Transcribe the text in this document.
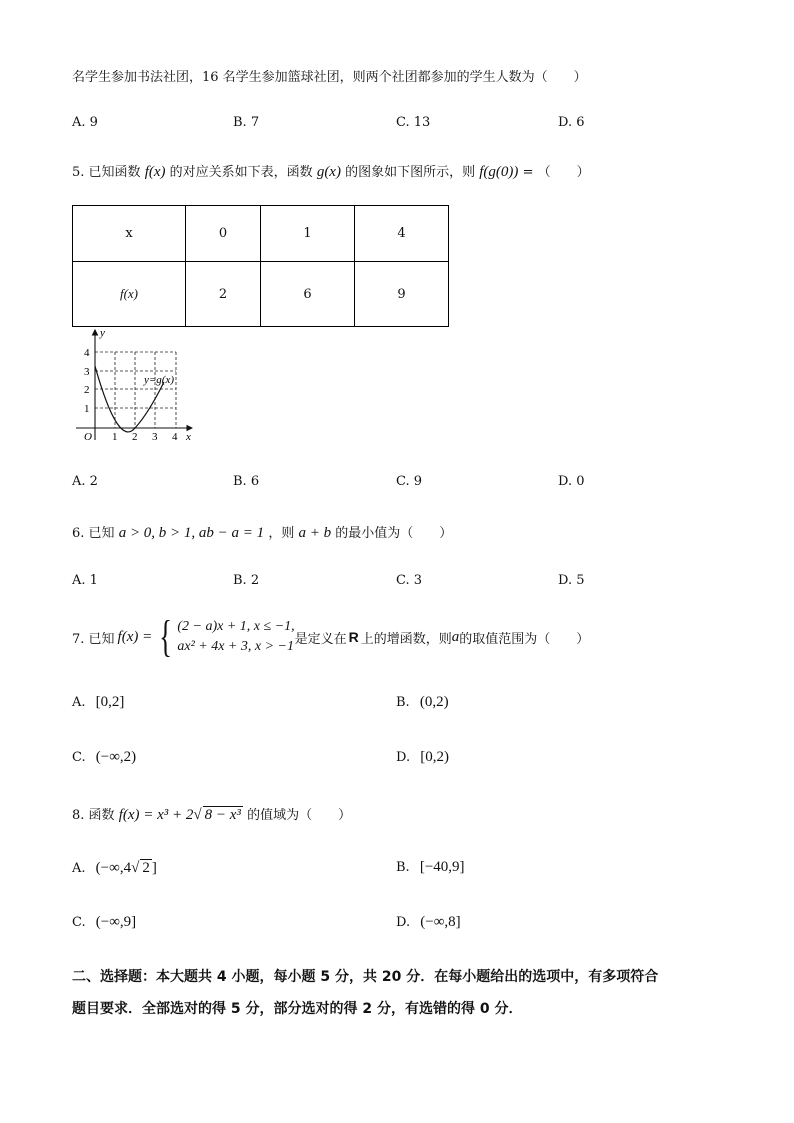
名学生参加书法社团，16 名学生参加篮球社团，则两个社团都参加的学生人数为（　　）
A. 9	B. 7	C. 13	D. 6
5. 已知函数 f(x) 的对应关系如下表，函数 g(x) 的图象如下图所示，则 f(g(0)) = （　　）
x	0	1	4
f(x)	2	6	9
y
x
O
y=g(x)
1
2
3
4
1 2 3 4
A. 2	B. 6	C. 9	D. 0
6. 已知 a > 0, b > 1, ab − a = 1 ，则 a + b 的最小值为（　　）
A. 1	B. 2	C. 3	D. 5
7. 已知 f(x) = { (2 − a)x + 1, x ≤ −1,
ax² + 4x + 3, x > −1 是定义在 R 上的增函数，则 a 的取值范围为（　　）
A. [0,2]	B. (0,2)
C. (−∞,2)	D. [0,2)
8. 函数 f(x) = x³ + 2√ 8 − x³ 的值域为（　　）
A. (−∞,4√ 2 ]	B. [−40,9]
C. (−∞,9]	D. (−∞,8]
二、选择题：本大题共 4 小题，每小题 5 分，共 20 分．在每小题给出的选项中，有多项符合
题目要求．全部选对的得 5 分，部分选对的得 2 分，有选错的得 0 分．
